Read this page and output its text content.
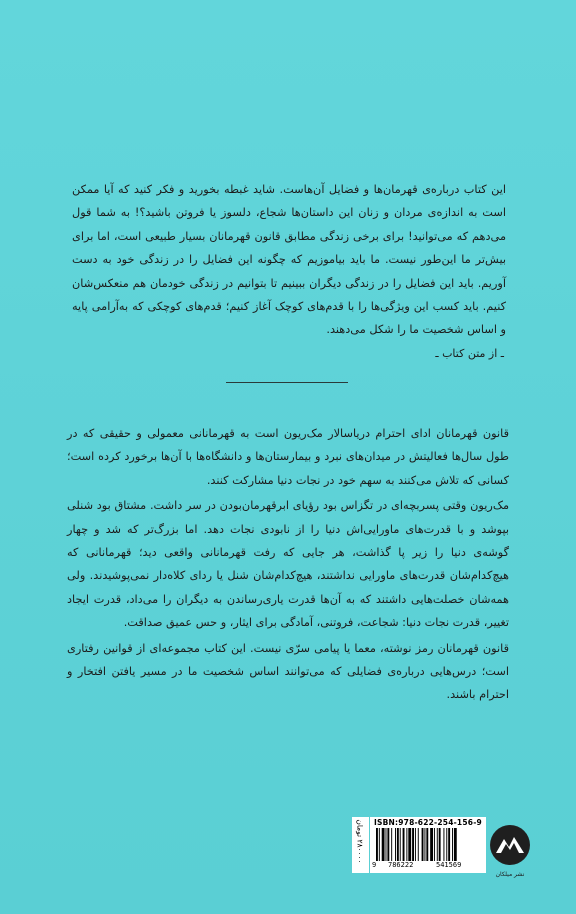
این کتاب درباره‌ی قهرمان‌ها و فضایل آن‌هاست. شاید غبطه بخورید و فکر کنید که آیا ممکن است به اندازه‌ی مردان و زنان این داستان‌ها شجاع، دلسوز یا فروتن باشید؟! به شما قول می‌دهم که می‌توانید! برای برخی زندگی مطابق قانون قهرمانان بسیار طبیعی است، اما برای بیش‌تر ما این‌طور نیست. ما باید بیاموزیم که چگونه این فضایل را در زندگی خود به دست آوریم. باید این فضایل را در زندگی دیگران ببینیم تا بتوانیم در زندگی خودمان هم منعکس‌شان کنیم. باید کسب این ویژگی‌ها را با قدم‌های کوچک آغاز کنیم؛ قدم‌های کوچکی که به‌آرامی پایه و اساس شخصیت ما را شکل می‌دهند.

ـ از متن کتاب ـ

قانون قهرمانان ادای احترام دریاسالار مک‌ریون است به قهرمانانی معمولی و حقیقی که در طول سال‌ها فعالیتش در میدان‌های نبرد و بیمارستان‌ها و دانشگاه‌ها با آن‌ها برخورد کرده است؛ کسانی که تلاش می‌کنند به سهم خود در نجات دنیا مشارکت کنند.

مک‌ریون وقتی پسربچه‌ای در تگزاس بود رؤیای ابرقهرمان‌بودن در سر داشت. مشتاق بود شنلی بپوشد و با قدرت‌های ماورایی‌اش دنیا را از نابودی نجات دهد. اما بزرگ‌تر که شد و چهار گوشه‌ی دنیا را زیر پا گذاشت، هر جایی که رفت قهرمانانی واقعی دید؛ قهرمانانی که هیچ‌کدام‌شان قدرت‌های ماورایی نداشتند، هیچ‌کدام‌شان شنل یا ردای کلاه‌دار نمی‌پوشیدند. ولی همه‌شان خصلت‌هایی داشتند که به آن‌ها قدرت یاری‌رساندن به دیگران را می‌داد، قدرت ایجاد تغییر، قدرت نجات دنیا: شجاعت، فروتنی، آمادگی برای ایثار، و حس عمیق صداقت.

قانون قهرمانان رمز نوشته، معما یا پیامی سرّی نیست. این کتاب مجموعه‌ای از قوانین رفتاری است؛ درس‌هایی درباره‌ی فضایلی که می‌توانند اساس شخصیت ما در مسیر یافتن افتخار و احترام باشند.

۲۸۰۰۰۰ تومان
ISBN:978-622-254-156-9
9 786222	541569
نشر میلکان
